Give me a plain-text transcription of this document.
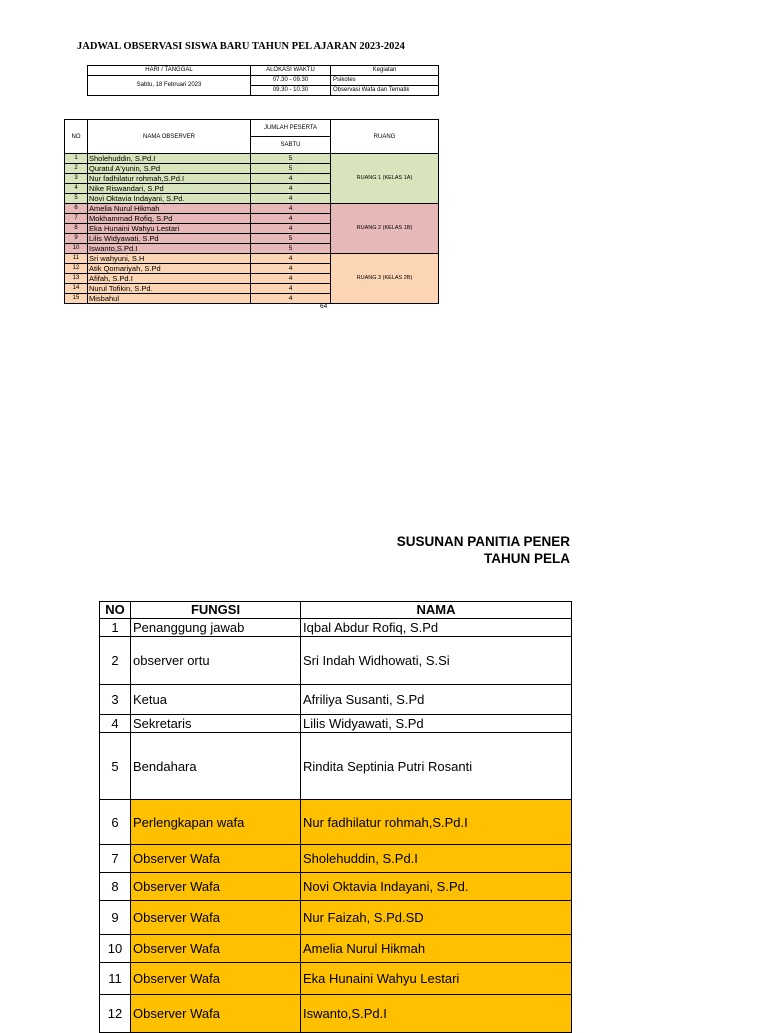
JADWAL OBSERVASI SISWA BARU TAHUN PEL AJARAN 2023-2024
HARI / TANGGAL	ALOKASI WAKTU	Kegiatan
Sabtu, 18 Februari 2023	07.30 - 09.30	Psikotes
	09.30 - 10.30	Observasi Wafa dan Tematik
NO	NAMA OBSERVER	JUMLAH PESERTA	RUANG
		SABTU	
1	Sholehuddin, S.Pd.I	5	RUANG 1 (KELAS 1A)
2	Quratul A'yunin, S.Pd	5	
3	Nur fadhilatur rohmah,S.Pd.I	4	
4	Nike Riswandari, S.Pd	4	
5	Novi Oktavia Indayani, S.Pd.	4	
6	Amelia Nurul Hikmah	4	RUANG 2 (KELAS 1B)
7	Mokhammad Rofiq, S.Pd	4	
8	Eka Hunaini Wahyu Lestari	4	
9	Lilis Widyawati, S.Pd	5	
10	Iswanto,S.Pd.I	5	
11	Sri wahyuni, S.H	4	RUANG 3 (KELAS 2B)
12	Atik Qomariyah, S.Pd	4	
13	Afifah, S.Pd.I	4	
14	Nurul Tofikin, S.Pd.	4	
15	Misbahul	4	
64
SUSUNAN PANITIA PENER
TAHUN PELA
NO	FUNGSI	NAMA
1	Penanggung jawab	Iqbal Abdur Rofiq, S.Pd
2	observer ortu	Sri Indah Widhowati, S.Si
3	Ketua	Afriliya Susanti, S.Pd
4	Sekretaris	Lilis Widyawati, S.Pd
5	Bendahara	Rindita Septinia Putri Rosanti
6	Perlengkapan wafa	Nur fadhilatur rohmah,S.Pd.I
7	Observer Wafa	Sholehuddin, S.Pd.I
8	Observer Wafa	Novi Oktavia Indayani, S.Pd.
9	Observer Wafa	Nur Faizah, S.Pd.SD
10	Observer Wafa	Amelia Nurul Hikmah
11	Observer Wafa	Eka Hunaini Wahyu Lestari
12	Observer Wafa	Iswanto,S.Pd.I
